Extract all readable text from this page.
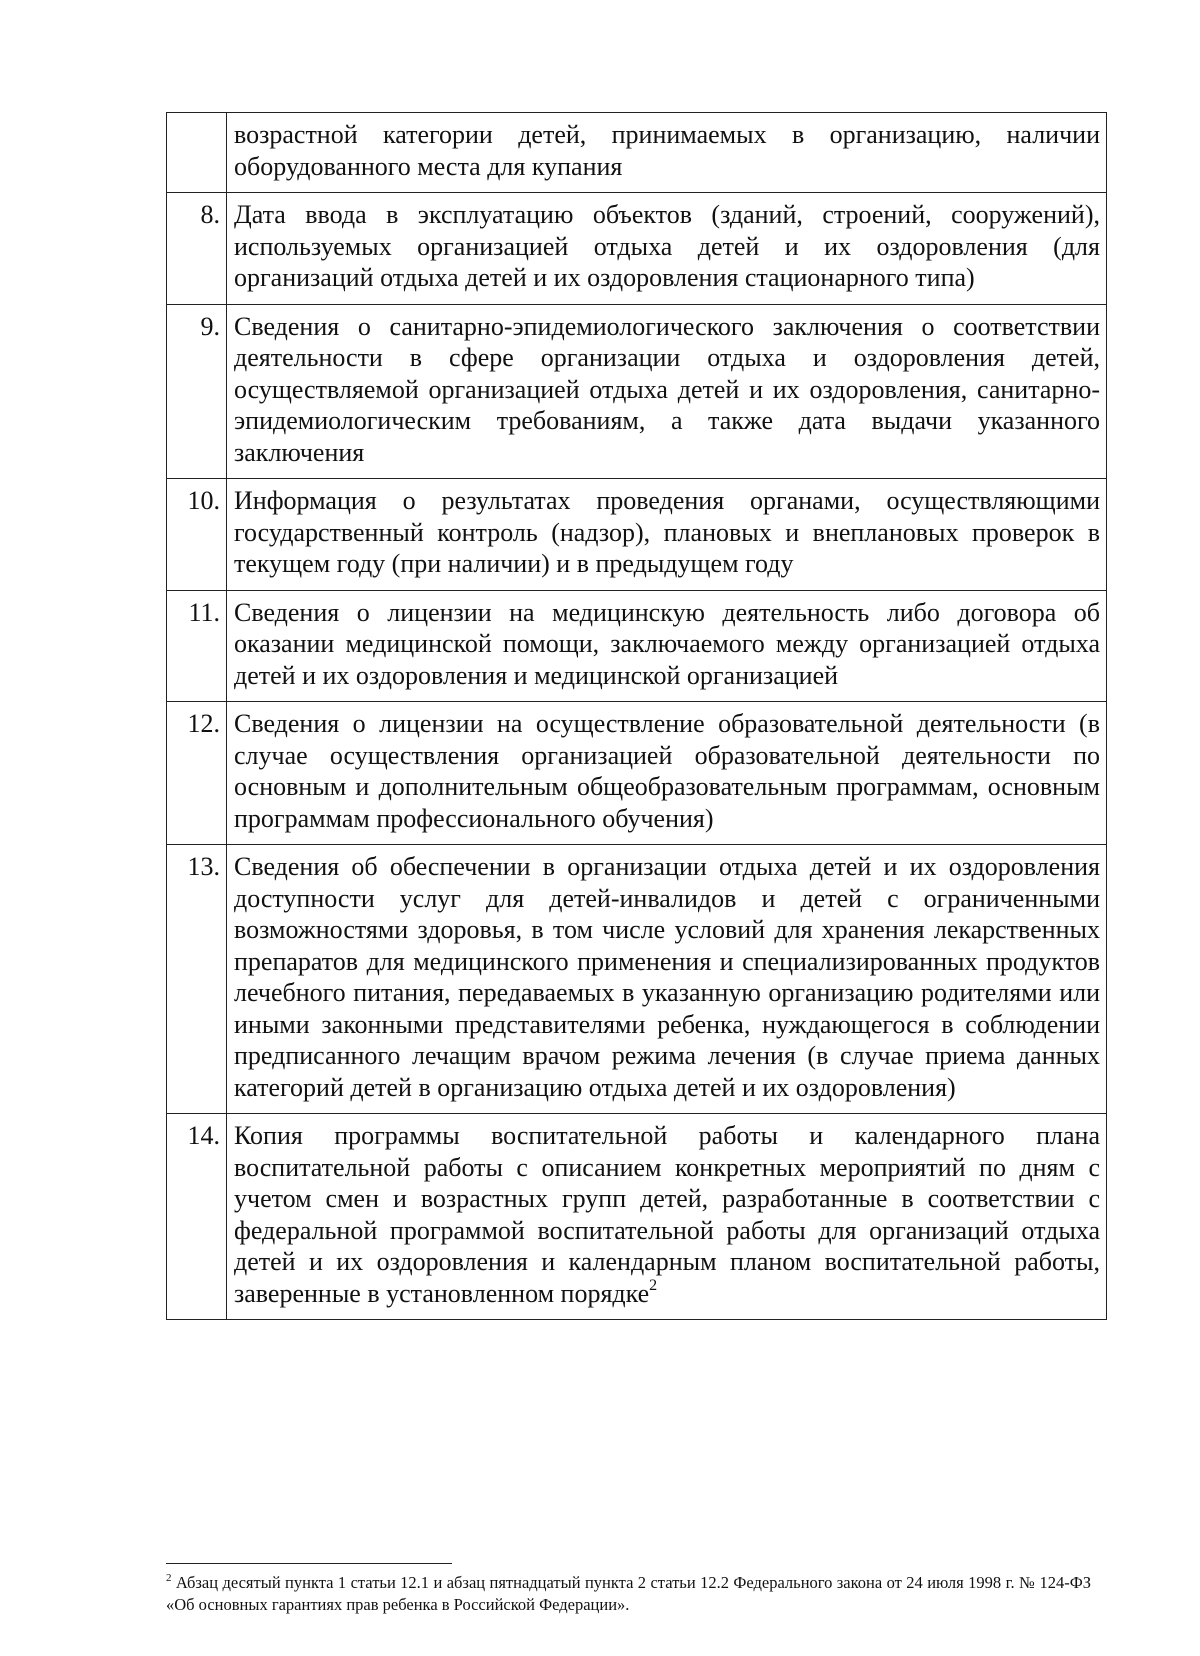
	возрастной категории детей, принимаемых в организацию, наличии оборудованного места для купания
8.	Дата ввода в эксплуатацию объектов (зданий, строений, сооружений), используемых организацией отдыха детей и их оздоровления (для организаций отдыха детей и их оздоровления стационарного типа)
9.	Сведения о санитарно-эпидемиологического заключения о соответствии деятельности в сфере организации отдыха и оздоровления детей, осуществляемой организацией отдыха детей и их оздоровления, санитарно-эпидемиологическим требованиям, а также дата выдачи указанного заключения
10.	Информация о результатах проведения органами, осуществляющими государственный контроль (надзор), плановых и внеплановых проверок в текущем году (при наличии) и в предыдущем году
11.	Сведения о лицензии на медицинскую деятельность либо договора об оказании медицинской помощи, заключаемого между организацией отдыха детей и их оздоровления и медицинской организацией
12.	Сведения о лицензии на осуществление образовательной деятельности (в случае осуществления организацией образовательной деятельности по основным и дополнительным общеобразовательным программам, основным программам профессионального обучения)
13.	Сведения об обеспечении в организации отдыха детей и их оздоровления доступности услуг для детей-инвалидов и детей с ограниченными возможностями здоровья, в том числе условий для хранения лекарственных препаратов для медицинского применения и специализированных продуктов лечебного питания, передаваемых в указанную организацию родителями или иными законными представителями ребенка, нуждающегося в соблюдении предписанного лечащим врачом режима лечения (в случае приема данных категорий детей в организацию отдыха детей и их оздоровления)
14.	Копия программы воспитательной работы и календарного плана воспитательной работы с описанием конкретных мероприятий по дням с учетом смен и возрастных групп детей, разработанные в соответствии с федеральной программой воспитательной работы для организаций отдыха детей и их оздоровления и календарным планом воспитательной работы, заверенные в установленном порядке$^2$
$^2$ Абзац десятый пункта 1 статьи 12.1 и абзац пятнадцатый пункта 2 статьи 12.2 Федерального закона от 24 июля 1998 г. № 124-ФЗ «Об основных гарантиях прав ребенка в Российской Федерации».
